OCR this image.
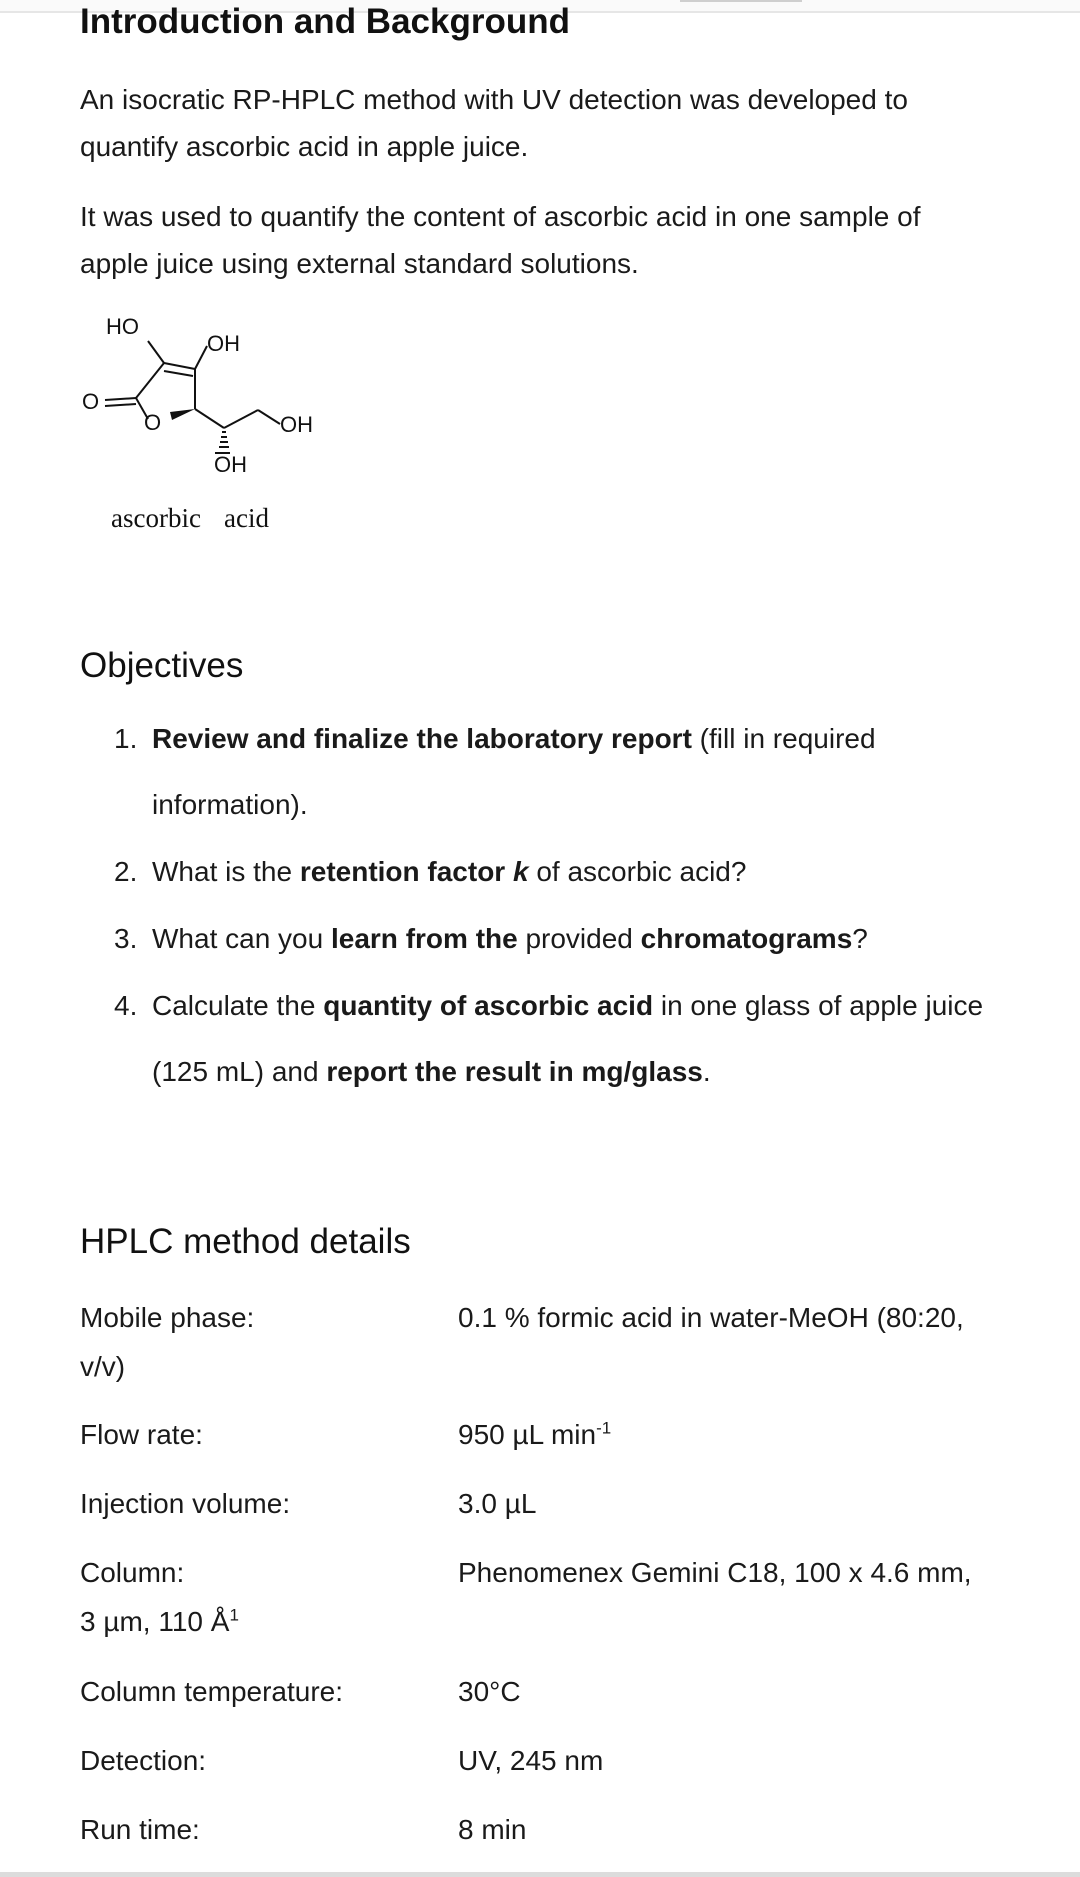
Introduction and Background
An isocratic RP-HPLC method with UV detection was developed to
quantify ascorbic acid in apple juice.
It was used to quantify the content of ascorbic acid in one sample of
apple juice using external standard solutions.
HO
OH
O
O	OH
OH
ascorbic acid
Objectives
1. Review and finalize the laboratory report (fill in required
information).
2. What is the retention factor k of ascorbic acid?
3. What can you learn from the provided chromatograms?
4. Calculate the quantity of ascorbic acid in one glass of apple juice
(125 mL) and report the result in mg/glass.
HPLC method details
Mobile phase:	0.1 % formic acid in water-MeOH (80:20,
v/v)
Flow rate:	950 µL $\min^{-1}$
Injection volume:	3.0 µL
Column:	Phenomenex Gemini C18, 100 x 4.6 mm,
3 µm, 110 $Å^1$
Column temperature:	30°C
Detection:	UV, 245 nm
Run time:	8 min
